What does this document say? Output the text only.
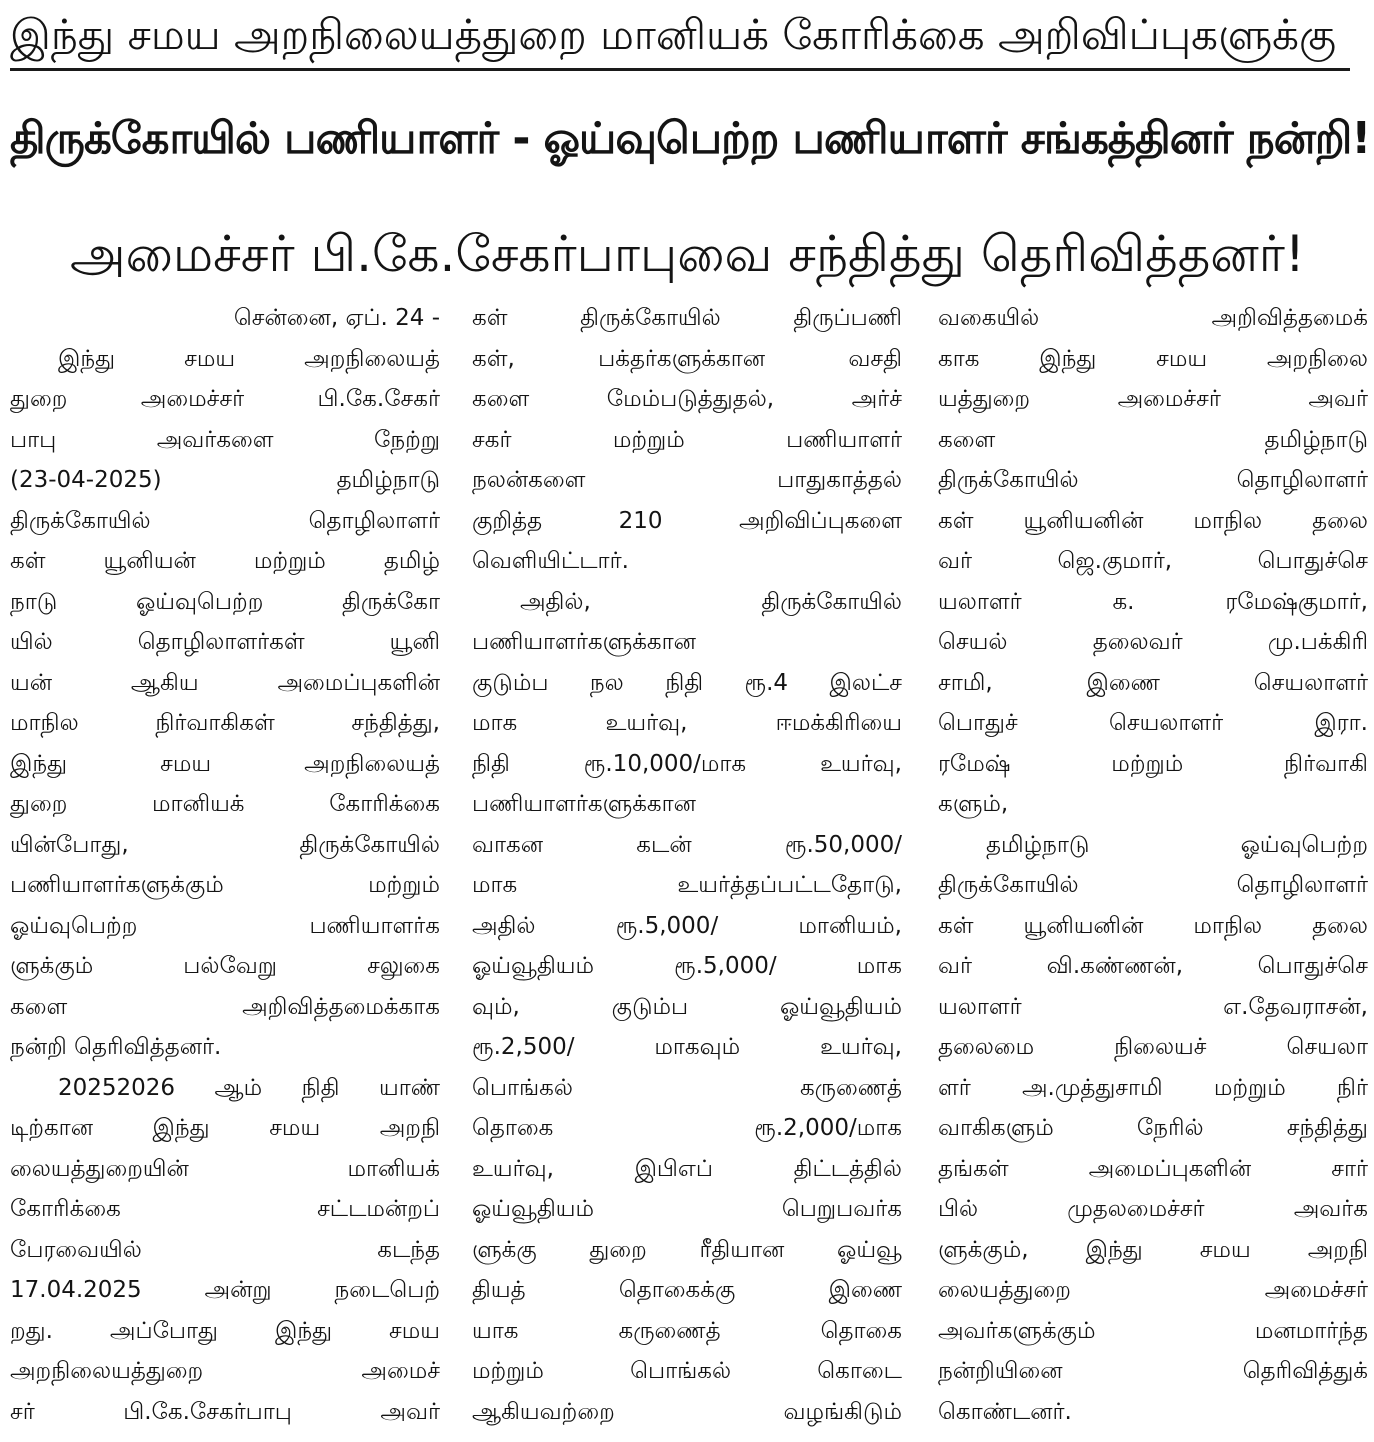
இந்து சமய அறநிலையத்துறை மானியக் கோரிக்கை அறிவிப்புகளுக்கு
திருக்கோயில் பணியாளர் - ஓய்வுபெற்ற பணியாளர் சங்கத்தினர் நன்றி!
அமைச்சர் பி.கே.சேகர்பாபுவை சந்தித்து தெரிவித்தனர்!
சென்னை, ஏப். 24 -
இந்து சமய அறநிலையத்
துறை அமைச்சர் பி.கே.சேகர்
பாபு அவர்களை நேற்று
(23-04-2025) தமிழ்நாடு
திருக்கோயில் தொழிலாளர்
கள் யூனியன் மற்றும் தமிழ்
நாடு ஓய்வுபெற்ற திருக்கோ
யில் தொழிலாளர்கள் யூனி
யன் ஆகிய அமைப்புகளின்
மாநில நிர்வாகிகள் சந்தித்து,
இந்து சமய அறநிலையத்
துறை மானியக் கோரிக்கை
யின்போது, திருக்கோயில்
பணியாளர்களுக்கும் மற்றும்
ஓய்வுபெற்ற பணியாளர்க
ளுக்கும் பல்வேறு சலுகை
களை அறிவித்தமைக்காக
நன்றி தெரிவித்தனர்.
20252026 ஆம் நிதி யாண்
டிற்கான இந்து சமய அறநி
லையத்துறையின் மானியக்
கோரிக்கை சட்டமன்றப்
பேரவையில் கடந்த
17.04.2025 அன்று நடைபெற்
றது. அப்போது இந்து சமய
அறநிலையத்துறை அமைச்
சர் பி.கே.சேகர்பாபு அவர்
கள் திருக்கோயில் திருப்பணி
கள், பக்தர்களுக்கான வசதி
களை மேம்படுத்துதல், அர்ச்
சகர் மற்றும் பணியாளர்
நலன்களை பாதுகாத்தல்
குறித்த 210 அறிவிப்புகளை
வெளியிட்டார்.
அதில், திருக்கோயில்
பணியாளர்களுக்கான
குடும்ப நல நிதி ரூ.4 இலட்ச
மாக உயர்வு, ஈமக்கிரியை
நிதி ரூ.10,000/மாக உயர்வு,
பணியாளர்களுக்கான
வாகன கடன் ரூ.50,000/
மாக உயர்த்தப்பட்டதோடு,
அதில் ரூ.5,000/ மானியம்,
ஓய்வூதியம் ரூ.5,000/ மாக
வும், குடும்ப ஓய்வூதியம்
ரூ.2,500/ மாகவும் உயர்வு,
பொங்கல் கருணைத்
தொகை ரூ.2,000/மாக
உயர்வு, இபிஎப் திட்டத்தில்
ஓய்வூதியம் பெறுபவர்க
ளுக்கு துறை ரீதியான ஓய்வூ
தியத் தொகைக்கு இணை
யாக கருணைத் தொகை
மற்றும் பொங்கல் கொடை
ஆகியவற்றை வழங்கிடும்
வகையில் அறிவித்தமைக்
காக இந்து சமய அறநிலை
யத்துறை அமைச்சர் அவர்
களை தமிழ்நாடு
திருக்கோயில் தொழிலாளர்
கள் யூனியனின் மாநில தலை
வர் ஜெ.குமார், பொதுச்செ
யலாளர் க. ரமேஷ்குமார்,
செயல் தலைவர் மு.பக்கிரி
சாமி, இணை செயலாளர்
பொதுச் செயலாளர் இரா.
ரமேஷ் மற்றும் நிர்வாகி
களும்,
தமிழ்நாடு ஓய்வுபெற்ற
திருக்கோயில் தொழிலாளர்
கள் யூனியனின் மாநில தலை
வர் வி.கண்ணன், பொதுச்செ
யலாளர் எ.தேவராசன்,
தலைமை நிலையச் செயலா
ளர் அ.முத்துசாமி மற்றும் நிர்
வாகிகளும் நேரில் சந்தித்து
தங்கள் அமைப்புகளின் சார்
பில் முதலமைச்சர் அவர்க
ளுக்கும், இந்து சமய அறநி
லையத்துறை அமைச்சர்
அவர்களுக்கும் மனமார்ந்த
நன்றியினை தெரிவித்துக்
கொண்டனர்.
